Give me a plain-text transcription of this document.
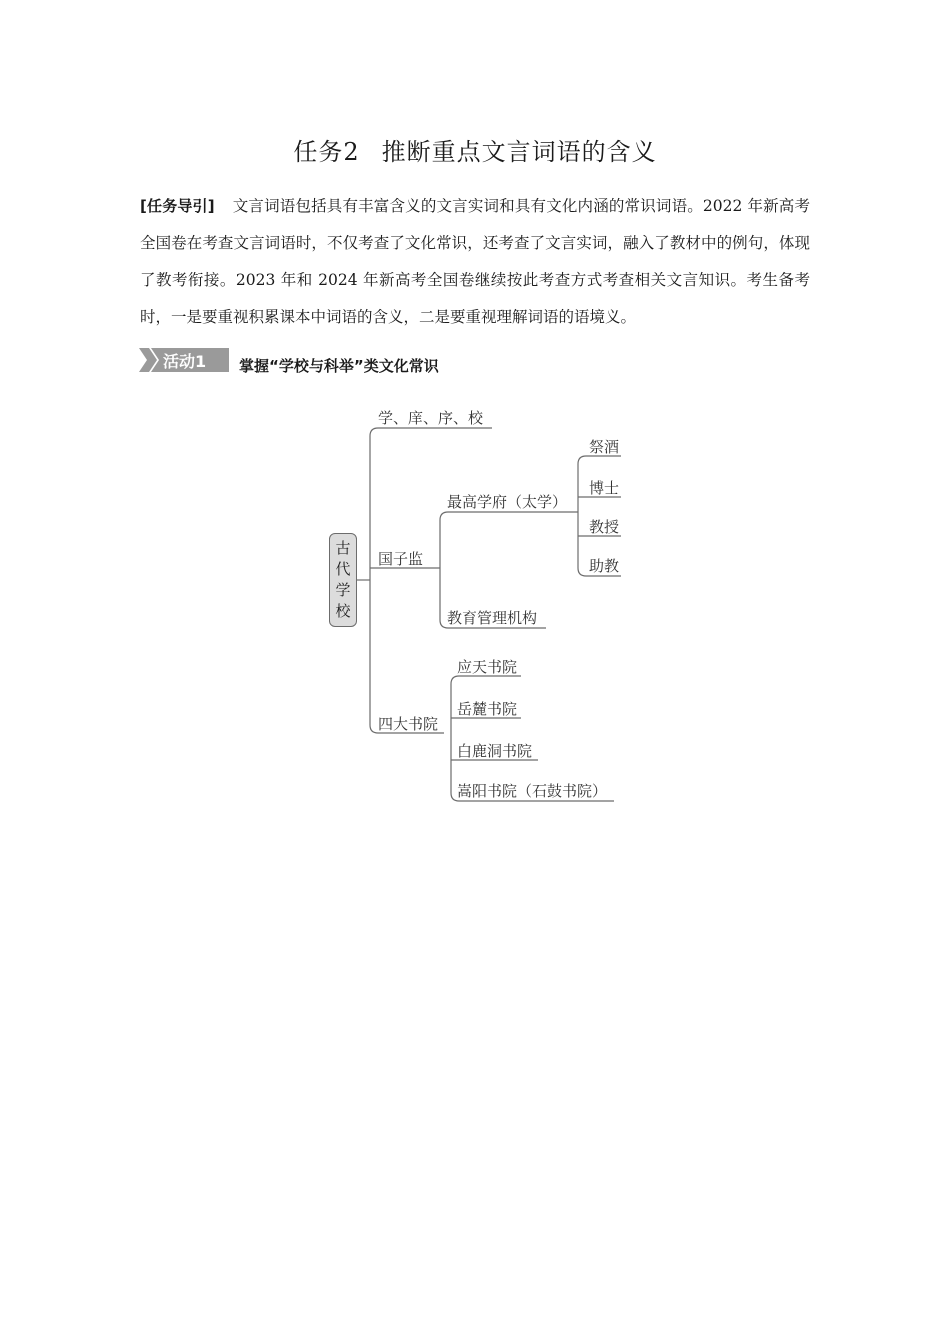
任务2 推断重点文言词语的含义

[任务导引] 文言词语包括具有丰富含义的文言实词和具有文化内涵的常识词语。2022 年新高考全国卷在考查文言词语时，不仅考查了文化常识，还考查了文言实词，融入了教材中的例句，体现了教考衔接。2023 年和 2024 年新高考全国卷继续按此考查方式考查相关文言知识。考生备考时，一是要重视积累课本中词语的含义，二是要重视理解词语的语境义。

活动1	掌握“学校与科举”类文化常识
古代学校
学、庠、序、校
国子监
四大书院
最高学府（太学）
教育管理机构
祭酒
博士
教授
助教
应天书院
岳麓书院
白鹿洞书院
嵩阳书院（石鼓书院）
